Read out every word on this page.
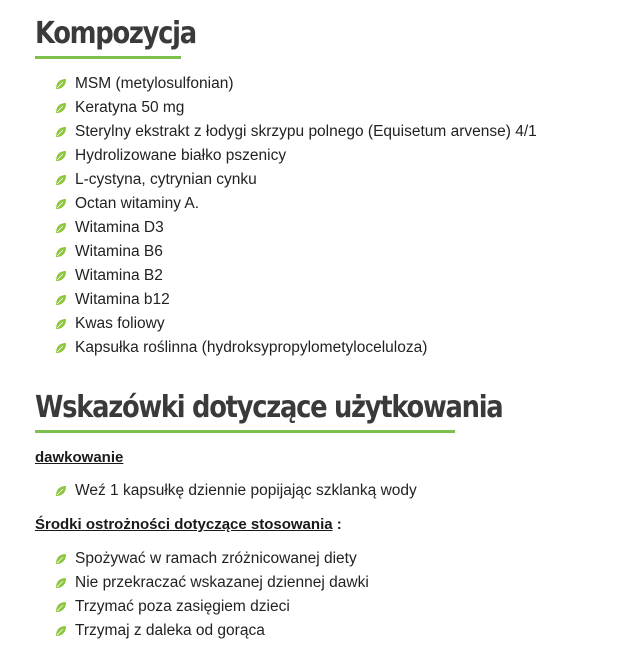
Kompozycja
MSM (metylosulfonian)
Keratyna 50 mg
Sterylny ekstrakt z łodygi skrzypu polnego (Equisetum arvense) 4/1
Hydrolizowane białko pszenicy
L-cystyna, cytrynian cynku
Octan witaminy A.
Witamina D3
Witamina B6
Witamina B2
Witamina b12
Kwas foliowy
Kapsułka roślinna (hydroksypropylometyloceluloza)
Wskazówki dotyczące użytkowania
dawkowanie
Weź 1 kapsułkę dziennie popijając szklanką wody
Środki ostrożności dotyczące stosowania :
Spożywać w ramach zróżnicowanej diety
Nie przekraczać wskazanej dziennej dawki
Trzymać poza zasięgiem dzieci
Trzymaj z daleka od gorąca
